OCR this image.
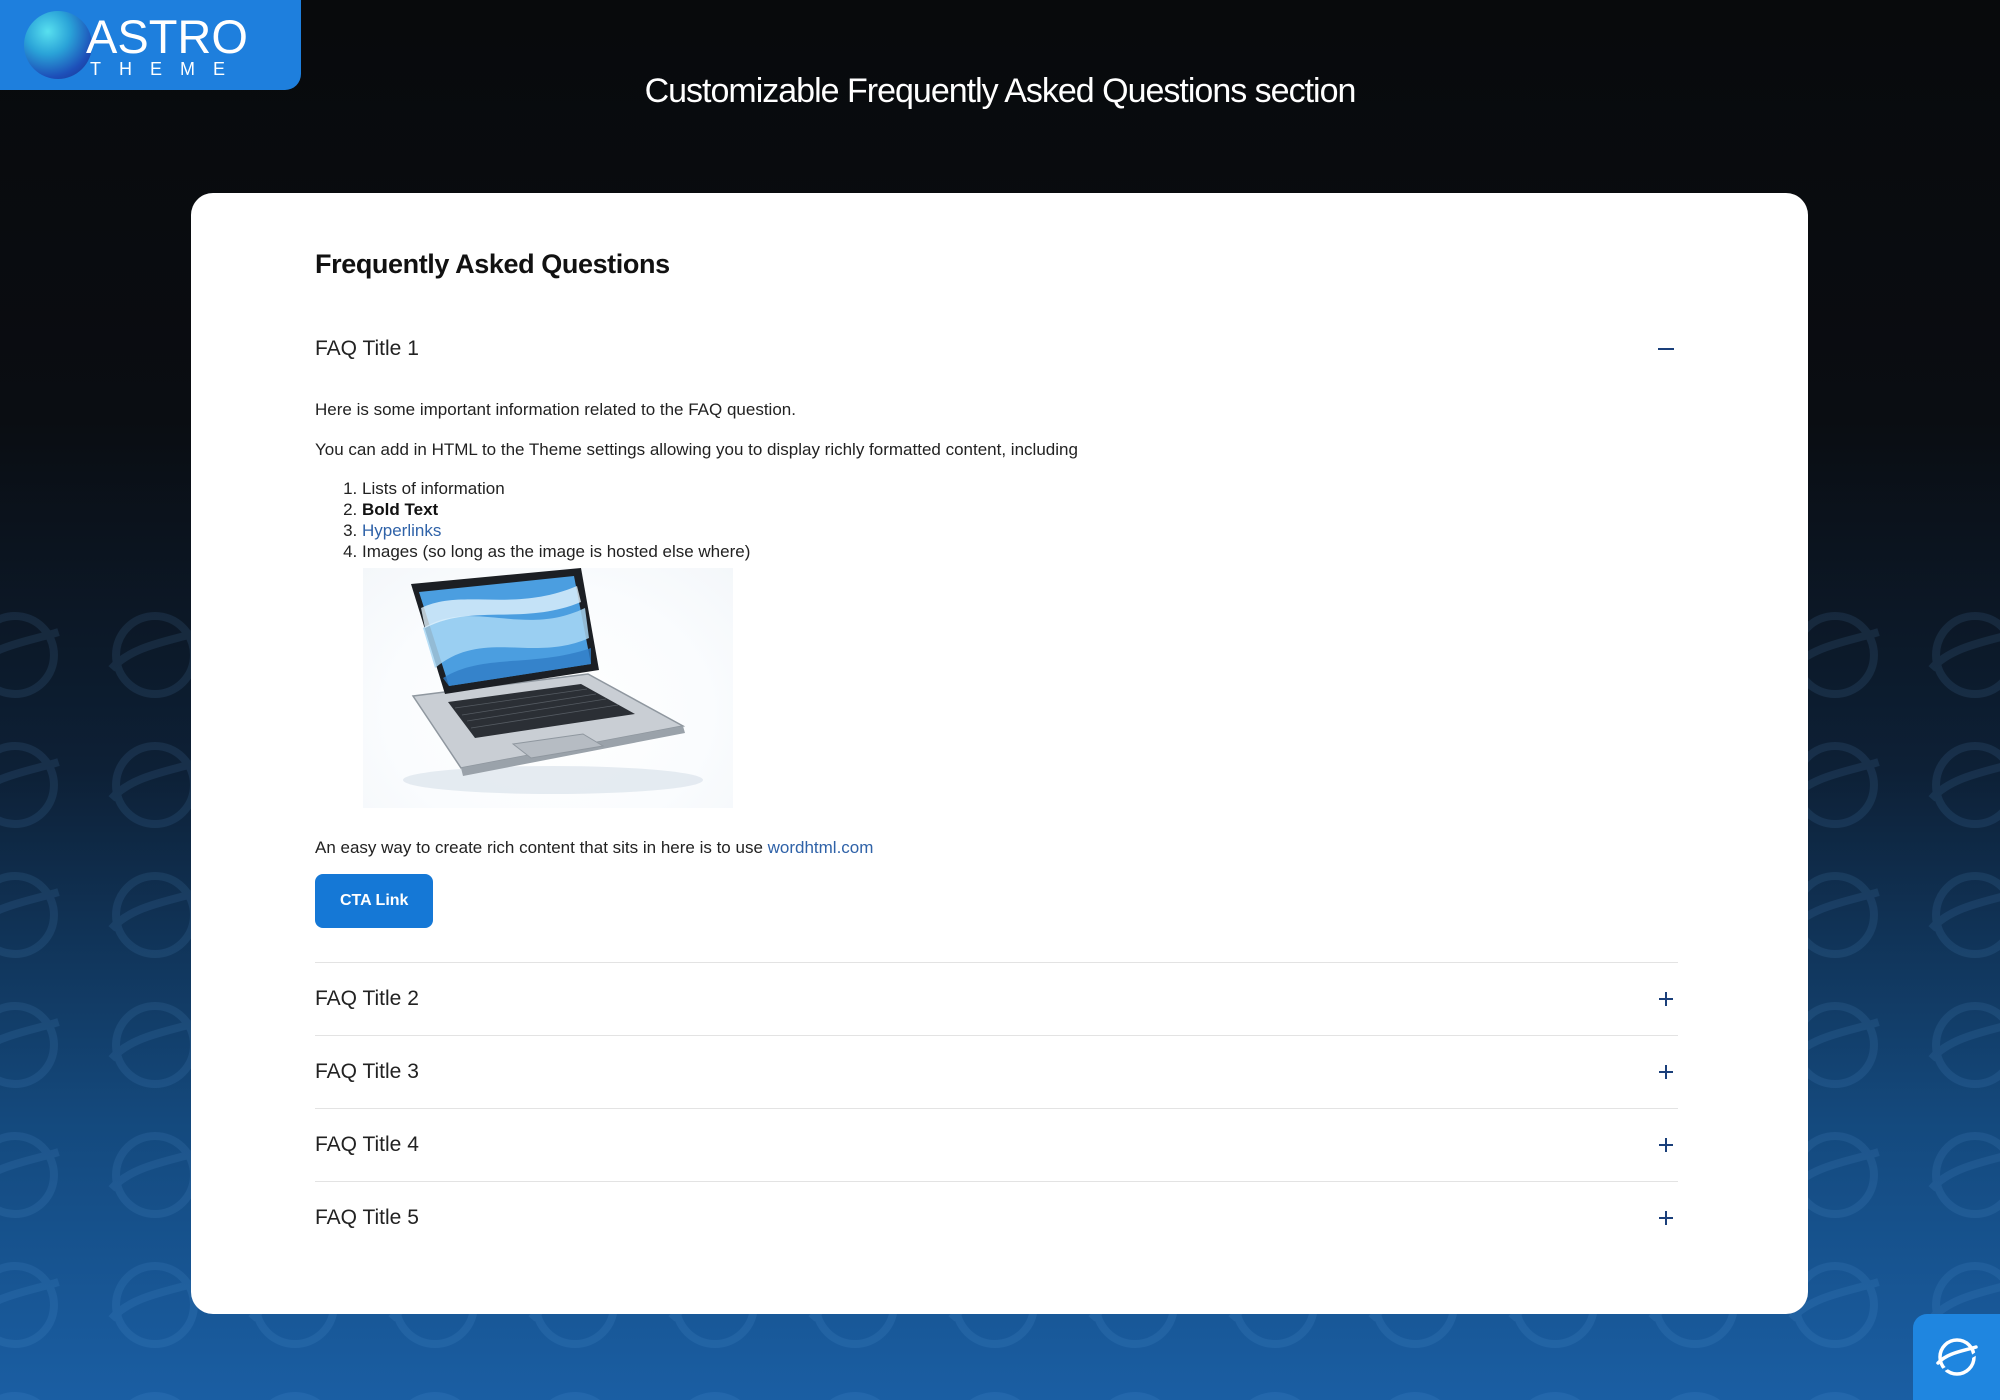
ASTRO
THEME
Customizable Frequently Asked Questions section
Frequently Asked Questions
FAQ Title 1

Here is some important information related to the FAQ question.

You can add in HTML to the Theme settings allowing you to display richly formatted content, including

1. Lists of information
2. Bold Text
3. Hyperlinks
4. Images (so long as the image is hosted else where)
An easy way to create rich content that sits in here is to use wordhtml.com
CTA Link
FAQ Title 2
FAQ Title 3
FAQ Title 4
FAQ Title 5
